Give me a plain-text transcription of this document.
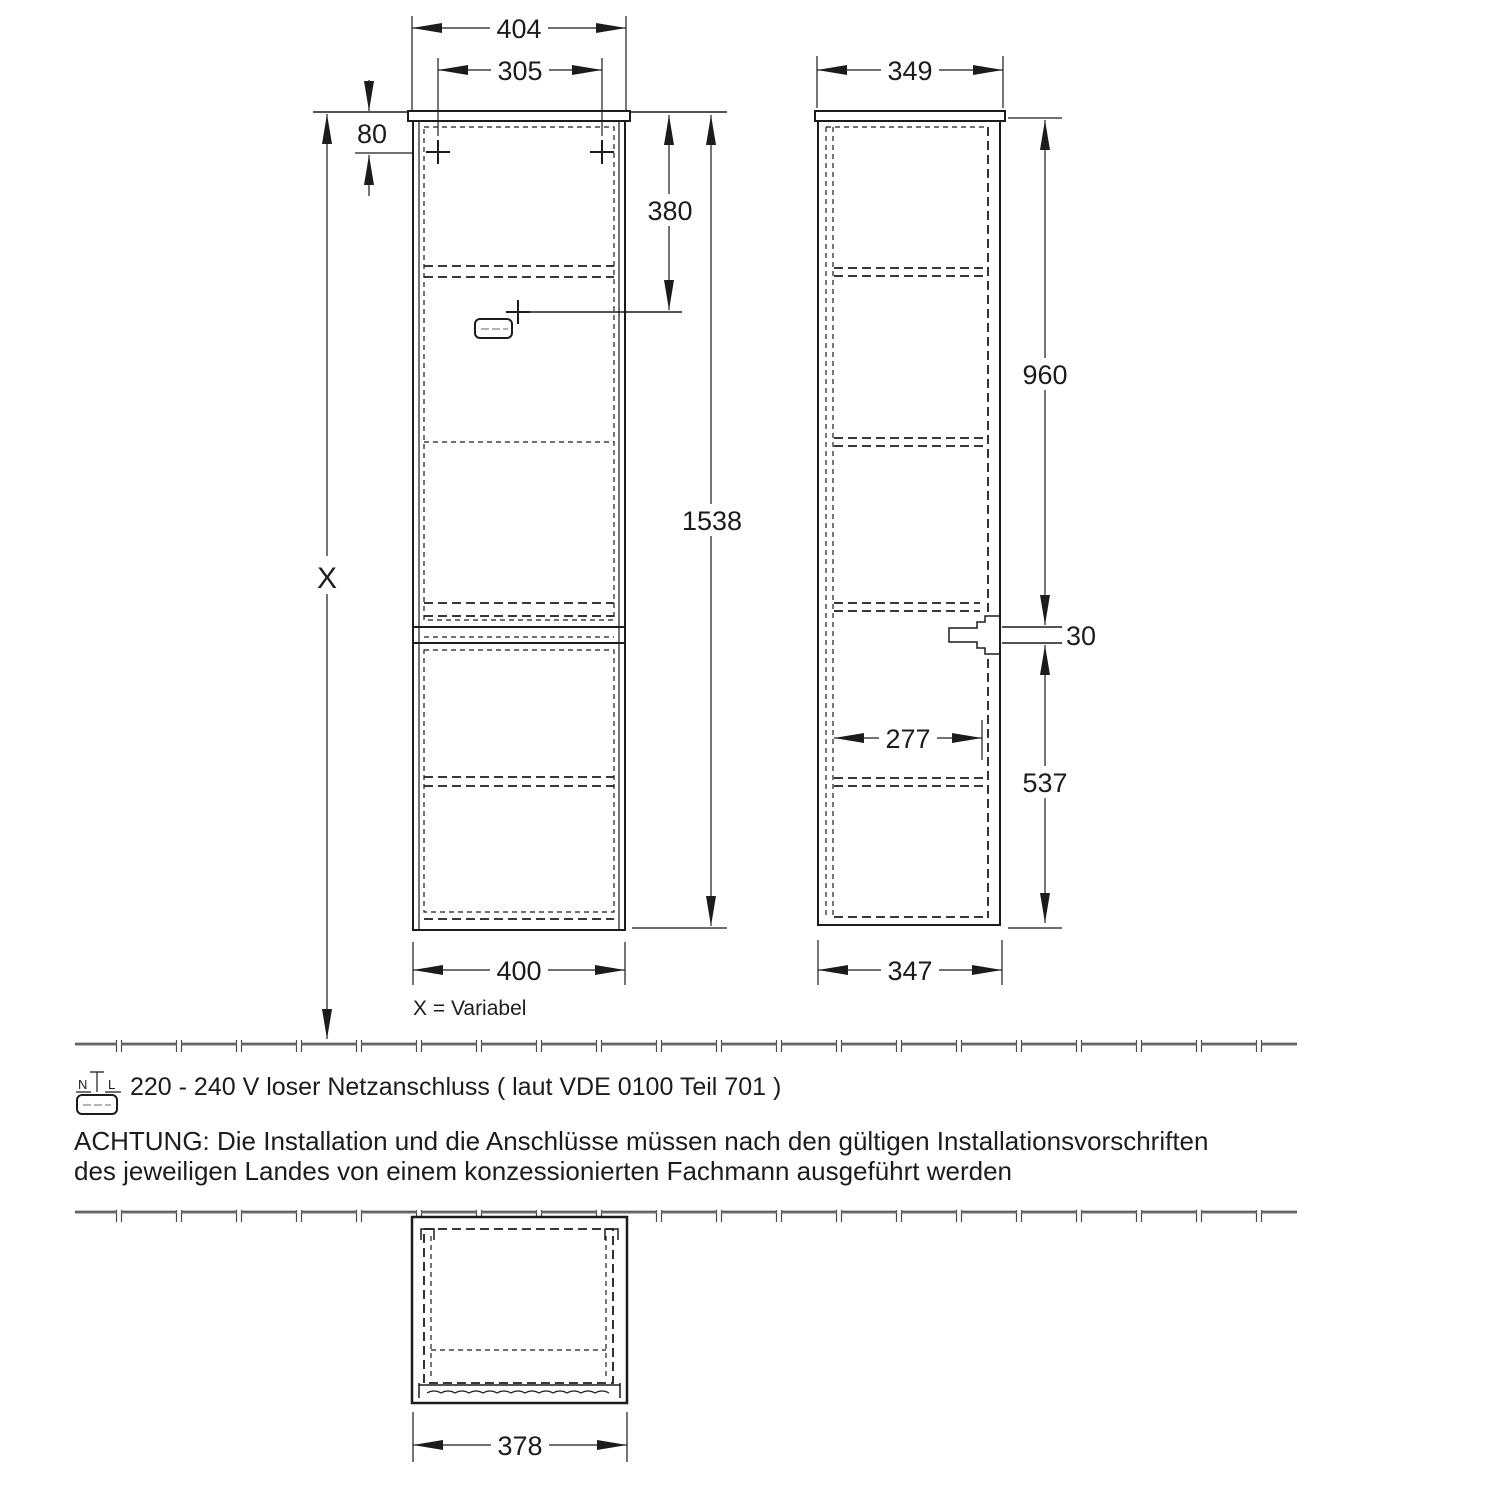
404
305
80
380
1538
400
X
X = Variabel
349
960
30
537
277
347
N L 220 - 240 V loser Netzanschluss ( laut VDE 0100 Teil 701 )
ACHTUNG: Die Installation und die Anschlüsse müssen nach den gültigen Installationsvorschriften
des jeweiligen Landes von einem konzessionierten Fachmann ausgeführt werden
378
